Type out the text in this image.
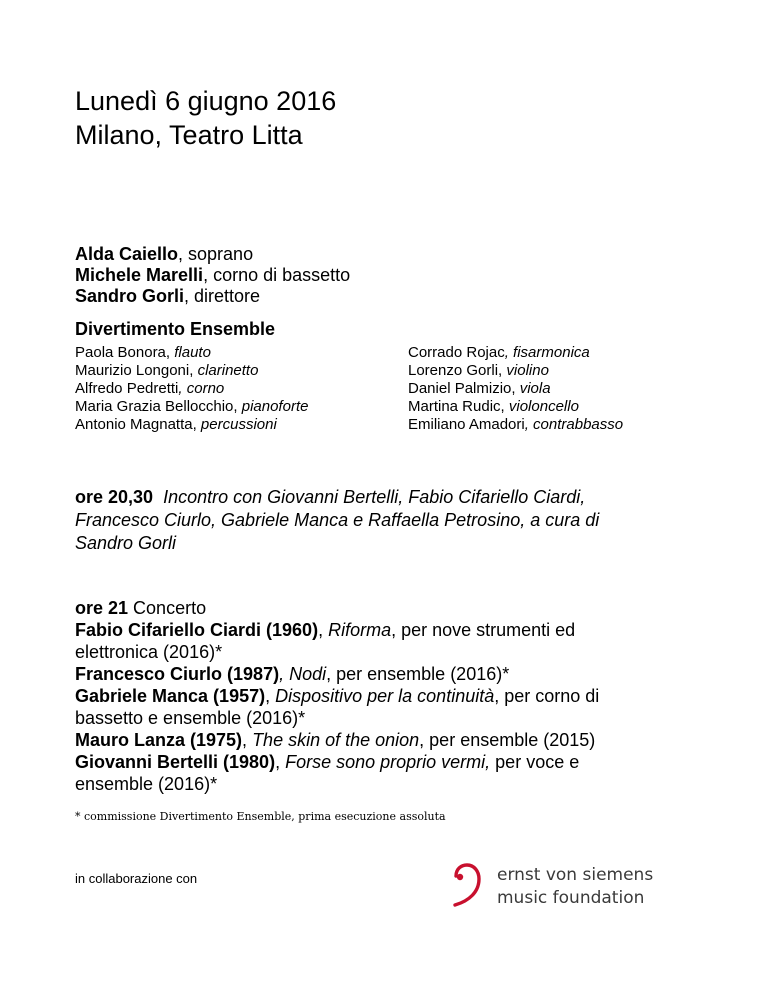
Lunedì 6 giugno 2016
Milano, Teatro Litta
Alda Caiello, soprano
Michele Marelli, corno di bassetto
Sandro Gorli, direttore
Divertimento Ensemble
Paola Bonora, flauto
Maurizio Longoni, clarinetto
Alfredo Pedretti, corno
Maria Grazia Bellocchio, pianoforte
Antonio Magnatta, percussioni
Corrado Rojac, fisarmonica
Lorenzo Gorli, violino
Daniel Palmizio, viola
Martina Rudic, violoncello
Emiliano Amadori, contrabbasso
ore 20,30 Incontro con Giovanni Bertelli, Fabio Cifariello Ciardi,
Francesco Ciurlo, Gabriele Manca e Raffaella Petrosino, a cura di
Sandro Gorli
ore 21 Concerto
Fabio Cifariello Ciardi (1960), Riforma, per nove strumenti ed
elettronica (2016)*
Francesco Ciurlo (1987), Nodi, per ensemble (2016)*
Gabriele Manca (1957), Dispositivo per la continuità, per corno di
bassetto e ensemble (2016)*
Mauro Lanza (1975), The skin of the onion, per ensemble (2015)
Giovanni Bertelli (1980), Forse sono proprio vermi, per voce e
ensemble (2016)*
* commissione Divertimento Ensemble, prima esecuzione assoluta
in collaborazione con	ernst von siemens
music foundation
